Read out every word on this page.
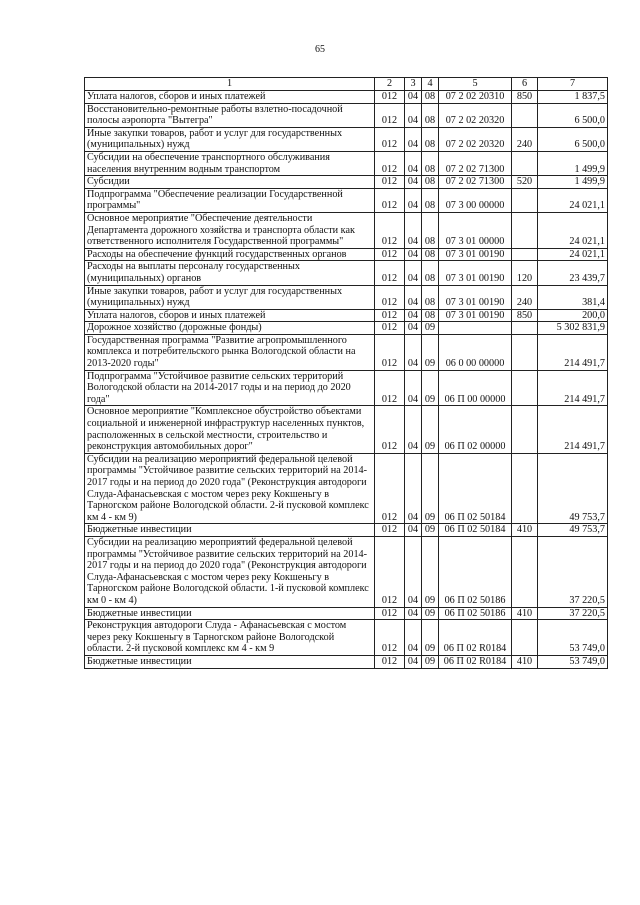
65
1	2	3	4	5	6	7
Уплата налогов, сборов и иных платежей	012	04	08	07 2 02 20310	850	1 837,5
Восстановительно-ремонтные работы взлетно-посадочной полосы аэропорта "Вытегра"	012	04	08	07 2 02 20320		6 500,0
Иные закупки товаров, работ и услуг для государственных (муниципальных) нужд	012	04	08	07 2 02 20320	240	6 500,0
Субсидии на обеспечение транспортного обслуживания населения внутренним водным транспортом	012	04	08	07 2 02 71300		1 499,9
Субсидии	012	04	08	07 2 02 71300	520	1 499,9
Подпрограмма "Обеспечение реализации Государственной программы"	012	04	08	07 3 00 00000		24 021,1
Основное мероприятие "Обеспечение деятельности Департамента дорожного хозяйства и транспорта области как ответственного исполнителя Государственной программы"	012	04	08	07 3 01 00000		24 021,1
Расходы на обеспечение функций государственных органов	012	04	08	07 3 01 00190		24 021,1
Расходы на выплаты персоналу государственных (муниципальных) органов	012	04	08	07 3 01 00190	120	23 439,7
Иные закупки товаров, работ и услуг для государственных (муниципальных) нужд	012	04	08	07 3 01 00190	240	381,4
Уплата налогов, сборов и иных платежей	012	04	08	07 3 01 00190	850	200,0
Дорожное хозяйство (дорожные фонды)	012	04	09			5 302 831,9
Государственная программа "Развитие агропромышленного комплекса и потребительского рынка Вологодской области на 2013-2020 годы"	012	04	09	06 0 00 00000		214 491,7
Подпрограмма "Устойчивое развитие сельских территорий Вологодской области на 2014-2017 годы и на период до 2020 года"	012	04	09	06 П 00 00000		214 491,7
Основное мероприятие "Комплексное обустройство объектами социальной и инженерной инфраструктур населенных пунктов, расположенных в сельской местности, строительство и реконструкция автомобильных дорог"	012	04	09	06 П 02 00000		214 491,7
Субсидии на реализацию мероприятий федеральной целевой программы "Устойчивое развитие сельских территорий на 2014-2017 годы и на период до 2020 года" (Реконструкция автодороги Слуда-Афанасьевская с мостом через реку Кокшеньгу в Тарногском районе Вологодской области. 2-й пусковой комплекс км 4 - км 9)	012	04	09	06 П 02 50184		49 753,7
Бюджетные инвестиции	012	04	09	06 П 02 50184	410	49 753,7
Субсидии на реализацию мероприятий федеральной целевой программы "Устойчивое развитие сельских территорий на 2014-2017 годы и на период до 2020 года" (Реконструкция автодороги Слуда-Афанасьевская с мостом через реку Кокшеньгу в Тарногском районе Вологодской области. 1-й пусковой комплекс км 0 - км 4)	012	04	09	06 П 02 50186		37 220,5
Бюджетные инвестиции	012	04	09	06 П 02 50186	410	37 220,5
Реконструкция автодороги Слуда - Афанасьевская с мостом через реку Кокшеньгу в Тарногском районе Вологодской области. 2-й пусковой комплекс км 4 - км 9	012	04	09	06 П 02 R0184		53 749,0
Бюджетные инвестиции	012	04	09	06 П 02 R0184	410	53 749,0
